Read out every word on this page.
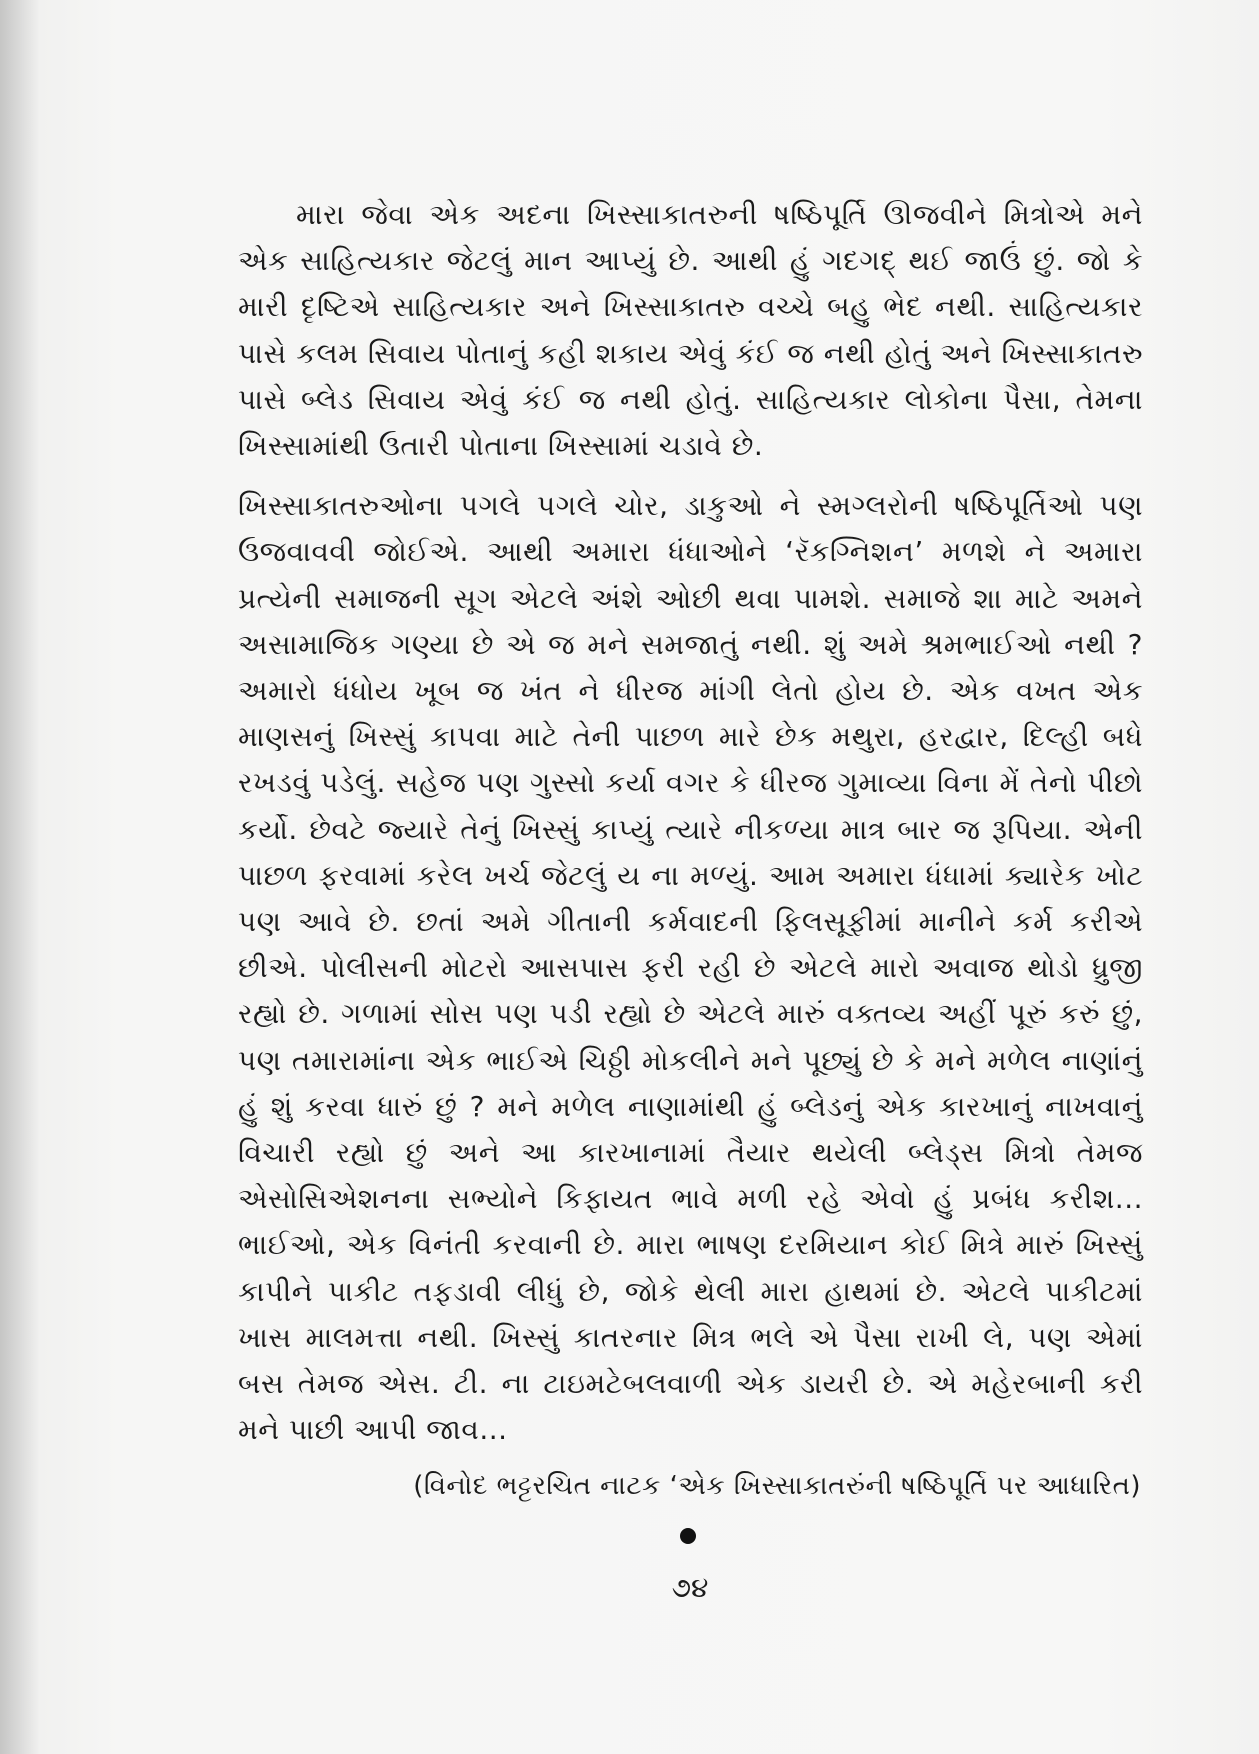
મારા જેવા એક અદના ખિસ્સાકાતરુની ષષ્ઠિપૂર્તિ ઊજવીને મિત્રોએ મને એક સાહિત્યકાર જેટલું માન આપ્યું છે. આથી હું ગદગદ્ થઈ જાઉં છું. જો કે મારી દૃષ્ટિએ સાહિત્યકાર અને ખિસ્સાકાતરુ વચ્ચે બહુ ભેદ નથી. સાહિત્યકાર પાસે કલમ સિવાય પોતાનું કહી શકાય એવું કંઈ જ નથી હોતું અને ખિસ્સાકાતરુ પાસે બ્લેડ સિવાય એવું કંઈ જ નથી હોતું. સાહિત્યકાર લોકોના પૈસા, તેમના ખિસ્સામાંથી ઉતારી પોતાના ખિસ્સામાં ચડાવે છે.

ખિસ્સાકાતરુઓના પગલે પગલે ચોર, ડાકુઓ ને સ્મગ્લરોની ષષ્ઠિપૂર્તિઓ પણ ઉજવાવવી જોઈએ. આથી અમારા ધંધાઓને ‘રૅકગ્નિશન’ મળશે ને અમારા પ્રત્યેની સમાજની સૂગ એટલે અંશે ઓછી થવા પામશે. સમાજે શા માટે અમને અસામાજિક ગણ્યા છે એ જ મને સમજાતું નથી. શું અમે શ્રમભાઈઓ નથી ? અમારો ધંધોય ખૂબ જ ખંત ને ધીરજ માંગી લેતો હોય છે. એક વખત એક માણસનું ખિસ્સું કાપવા માટે તેની પાછળ મારે છેક મથુરા, હરદ્વાર, દિલ્હી બધે રખડવું પડેલું. સહેજ પણ ગુસ્સો કર્યા વગર કે ધીરજ ગુમાવ્યા વિના મેં તેનો પીછો કર્યો. છેવટે જ્યારે તેનું ખિસ્સું કાપ્યું ત્યારે નીકળ્યા માત્ર બાર જ રૂપિયા. એની પાછળ ફરવામાં કરેલ ખર્ચ જેટલું ય ના મળ્યું. આમ અમારા ધંધામાં ક્યારેક ખોટ પણ આવે છે. છતાં અમે ગીતાની કર્મવાદની ફિલસૂફીમાં માનીને કર્મ કરીએ છીએ. પોલીસની મોટરો આસપાસ ફરી રહી છે એટલે મારો અવાજ થોડો ધ્રુજી રહ્યો છે. ગળામાં સોસ પણ પડી રહ્યો છે એટલે મારું વક્તવ્ય અહીં પૂરું કરું છું, પણ તમારામાંના એક ભાઈએ ચિઠ્ઠી મોકલીને મને પૂછ્યું છે કે મને મળેલ નાણાંનું હું શું કરવા ધારું છું ? મને મળેલ નાણામાંથી હું બ્લેડનું એક કારખાનું નાખવાનું વિચારી રહ્યો છું અને આ કારખાનામાં તૈયાર થયેલી બ્લેડ્સ મિત્રો તેમજ એસોસિએશનના સભ્યોને કિફાયત ભાવે મળી રહે એવો હું પ્રબંધ કરીશ... ભાઈઓ, એક વિનંતી કરવાની છે. મારા ભાષણ દરમિયાન કોઈ મિત્રે મારું ખિસ્સું કાપીને પાકીટ તફડાવી લીધું છે, જોકે થેલી મારા હાથમાં છે. એટલે પાકીટમાં ખાસ માલમત્તા નથી. ખિસ્સું કાતરનાર મિત્ર ભલે એ પૈસા રાખી લે, પણ એમાં બસ તેમજ એસ. ટી. ના ટાઇમટેબલવાળી એક ડાયરી છે. એ મહેરબાની કરી મને પાછી આપી જાવ...

(વિનોદ ભટ્ટરચિત નાટક ‘એક ખિસ્સાકાતરુંની ષષ્ઠિપૂર્તિ પર આધારિત)
૭૪
